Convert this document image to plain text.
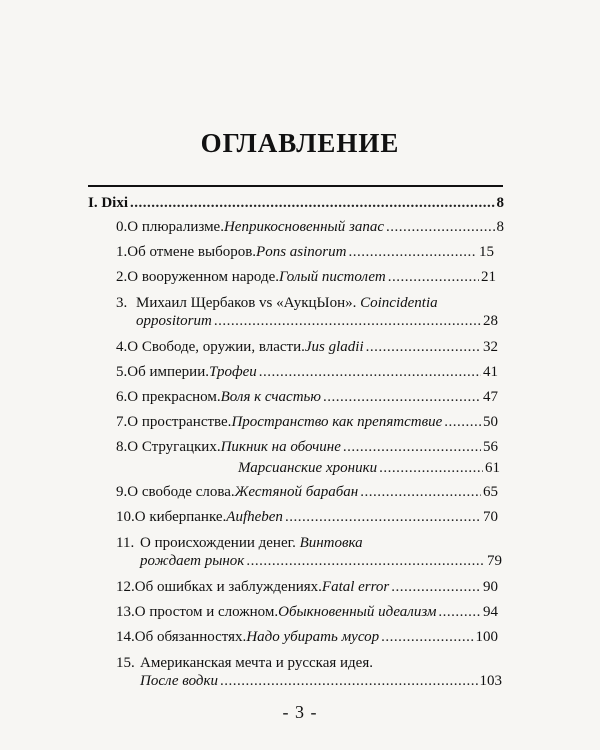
ОГЛАВЛЕНИЕ
I. Dixi .....	8
0. О плюрализме. Неприкосновенный запас .....	8
1. Об отмене выборов. Pons asinorum .....	15
2. О вооруженном народе. Голый пистолет .....	21
3. Михаил Щербаков vs «АукцЫон». Coincidentia
oppositorum .....	28
4. О Свободе, оружии, власти. Jus gladii .....	32
5. Об империи. Трофеи .....	41
6. О прекрасном. Воля к счастью .....	47
7. О пространстве. Пространство как препятствие .....	50
8. О Стругацких. Пикник на обочине .....	56
Марсианские хроники .....	61
9. О свободе слова. Жестяной барабан .....	65
10. О киберпанке. Aufheben .....	70
11. О происхождении денег. Винтовка
рождает рынок .....	79
12. Об ошибках и заблуждениях. Fatal error .....	90
13. О простом и сложном. Обыкновенный идеализм .....	94
14. Об обязанностях. Надо убирать мусор .....	100
15. Американская мечта и русская идея.
После водки .....	103
- 3 -
